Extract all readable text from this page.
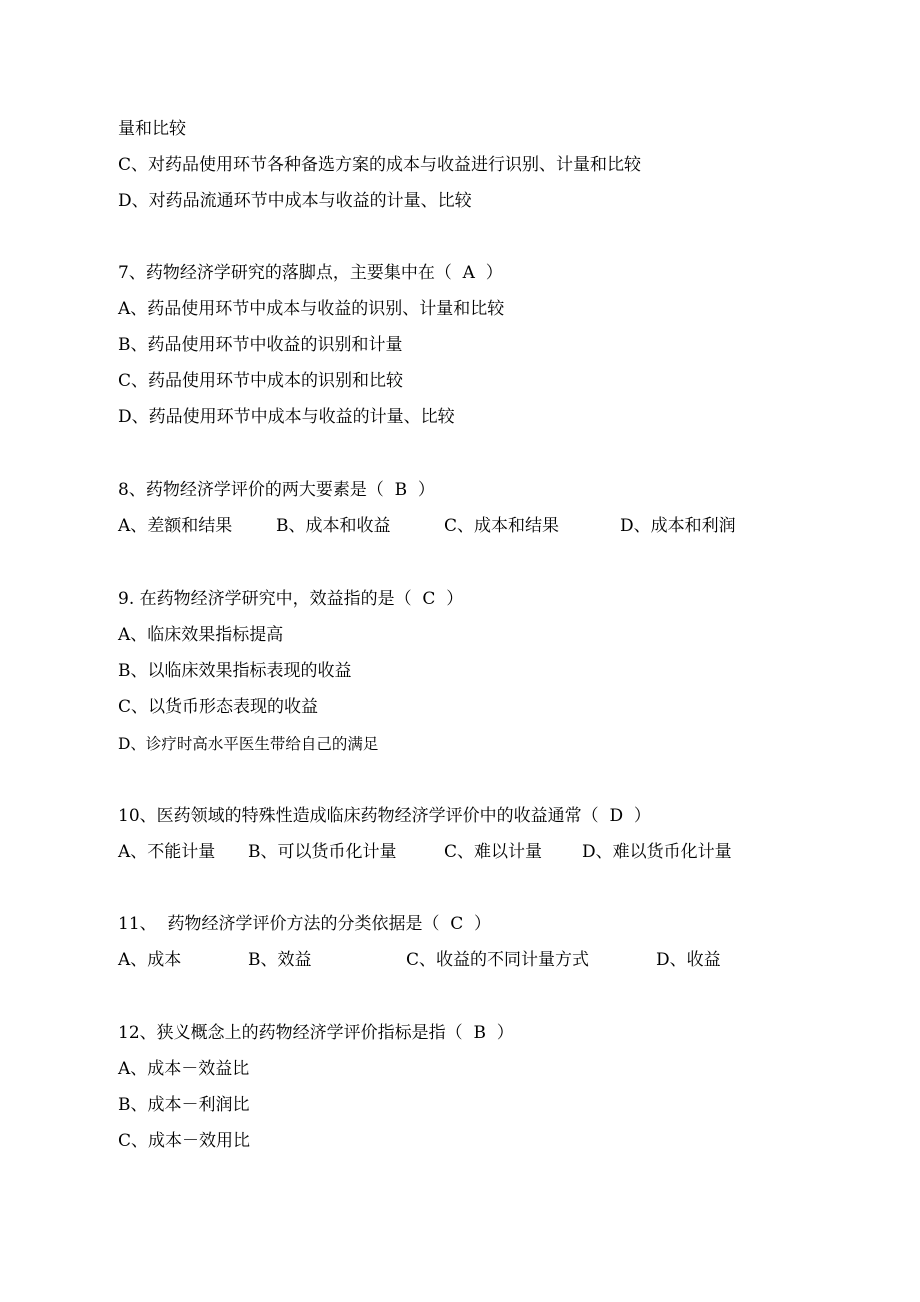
量和比较
C、对药品使用环节各种备选方案的成本与收益进行识别、计量和比较
D、对药品流通环节中成本与收益的计量、比较
7、药物经济学研究的落脚点，主要集中在（  A  ）
A、药品使用环节中成本与收益的识别、计量和比较
B、药品使用环节中收益的识别和计量
C、药品使用环节中成本的识别和比较
D、药品使用环节中成本与收益的计量、比较
8、药物经济学评价的两大要素是（  B  ）
A、差额和结果	B、成本和收益	C、成本和结果	D、成本和利润
9. 在药物经济学研究中，效益指的是（  C  ）
A、临床效果指标提高
B、以临床效果指标表现的收益
C、以货币形态表现的收益
D、诊疗时高水平医生带给自己的满足
10、医药领域的特殊性造成临床药物经济学评价中的收益通常（  D  ）
A、不能计量 B、可以货币化计量	C、难以计量 D、难以货币化计量
11、  药物经济学评价方法的分类依据是（  C  ）
A、成本	B、效益	C、收益的不同计量方式	D、收益
12、狭义概念上的药物经济学评价指标是指（  B  ）
A、成本－效益比
B、成本－利润比
C、成本－效用比
